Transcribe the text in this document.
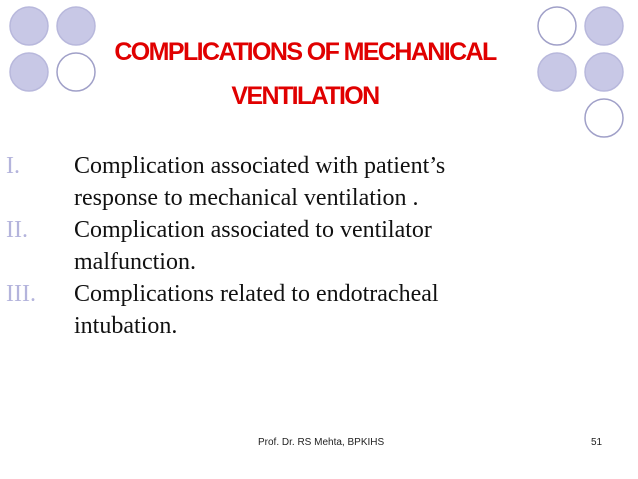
COMPLICATIONS OF MECHANICAL
VENTILATION
I.	Complication associated with patient’s
response to mechanical ventilation .
II.	Complication associated to ventilator
malfunction.
III.	Complications related to endotracheal
intubation.
Prof. Dr. RS Mehta, BPKIHS	51
